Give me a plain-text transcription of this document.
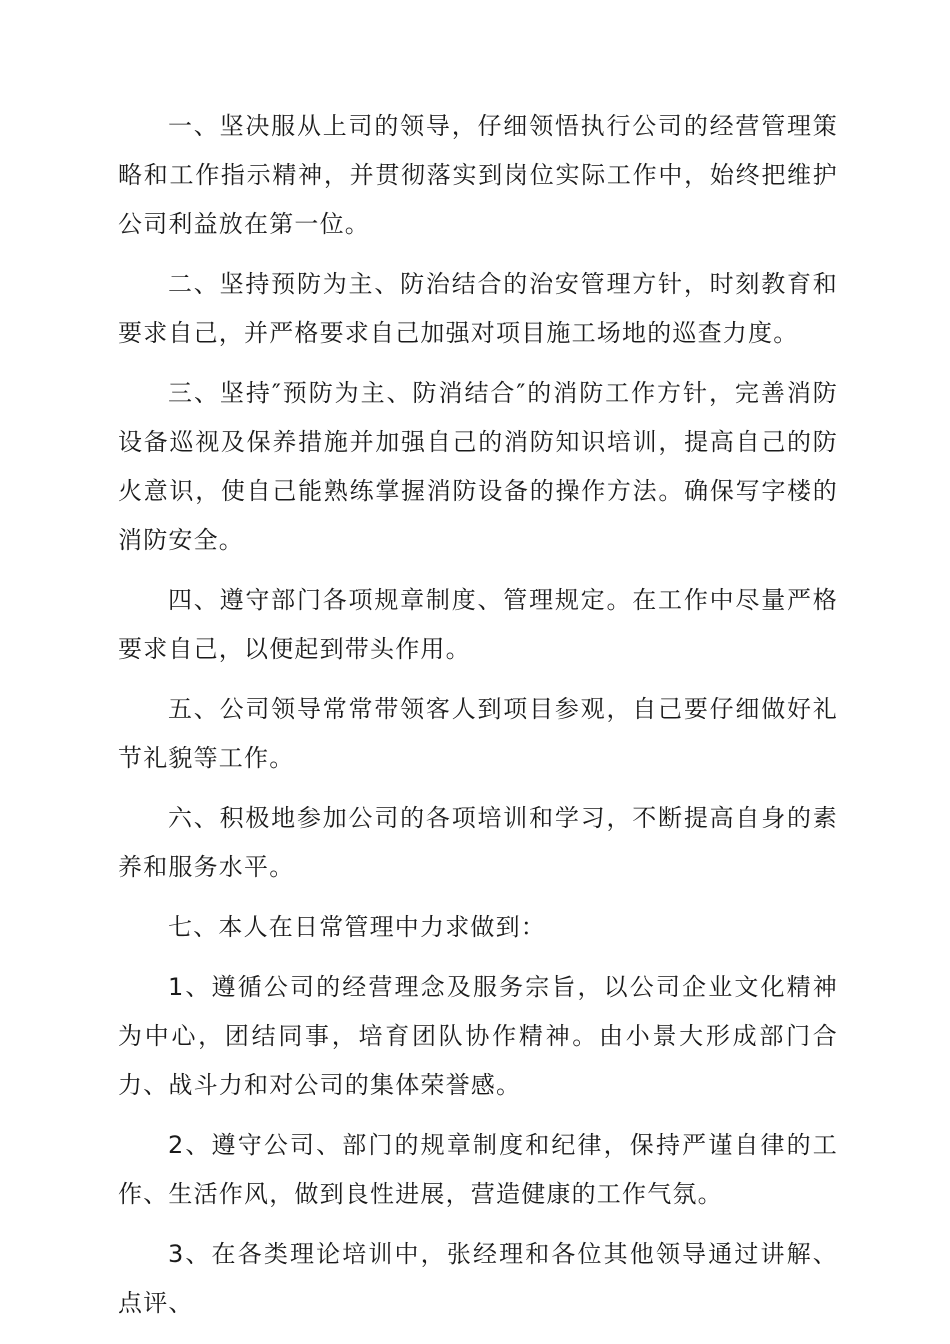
一、坚决服从上司的领导，仔细领悟执行公司的经营管理策略和工作指示精神，并贯彻落实到岗位实际工作中，始终把维护公司利益放在第一位。

二、坚持预防为主、防治结合的治安管理方针，时刻教育和要求自己，并严格要求自己加强对项目施工场地的巡查力度。

三、坚持″预防为主、防消结合″的消防工作方针，完善消防设备巡视及保养措施并加强自己的消防知识培训，提高自己的防火意识，使自己能熟练掌握消防设备的操作方法。确保写字楼的消防安全。

四、遵守部门各项规章制度、管理规定。在工作中尽量严格要求自己，以便起到带头作用。

五、公司领导常常带领客人到项目参观，自己要仔细做好礼节礼貌等工作。

六、积极地参加公司的各项培训和学习，不断提高自身的素养和服务水平。

七、本人在日常管理中力求做到：

1、遵循公司的经营理念及服务宗旨，以公司企业文化精神为中心，团结同事，培育团队协作精神。由小景大形成部门合力、战斗力和对公司的集体荣誉感。

2、遵守公司、部门的规章制度和纪律，保持严谨自律的工作、生活作风，做到良性进展，营造健康的工作气氛。

3、在各类理论培训中，张经理和各位其他领导通过讲解、点评、
